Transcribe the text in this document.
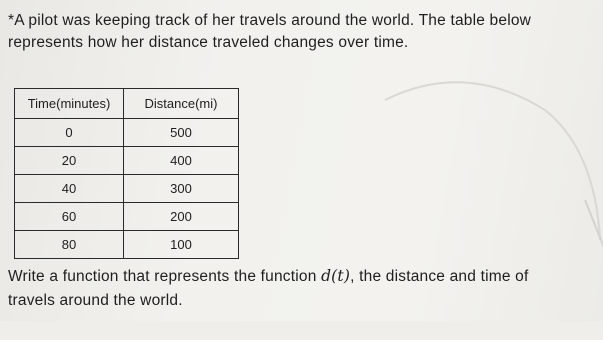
*A pilot was keeping track of her travels around the world. The table below
represents how her distance traveled changes over time.
Time(minutes)	Distance(mi)
0	500
20	400
40	300
60	200
80	100
Write a function that represents the function d(t), the distance and time of
travels around the world.
